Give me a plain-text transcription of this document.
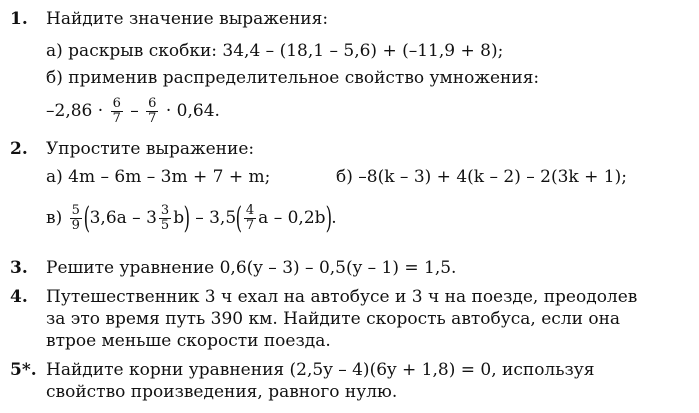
1. Найдите значение выражения:
а) раскрыв скобки: 34,4 – (18,1 – 5,6) + (–11,9 + 8);
б) применив распределительное свойство умножения:
$-2,86 \cdot \frac{6}{7} - \frac{6}{7} \cdot 0,64$.
2. Упростите выражение:
а) 4m – 6m – 3m + 7 + m;	б) –8(k – 3) + 4(k – 2) – 2(3k + 1);
$в) \frac{5}{9} (3,6a - 3 \frac{3}{5} b) - 3,5( \frac{4}{7}$ a – 0,2b).
3. Решите уравнение 0,6(y – 3) – 0,5(y – 1) = 1,5.
4. Путешественник 3 ч ехал на автобусе и 3 ч на поезде, преодолев
за это время путь 390 км. Найдите скорость автобуса, если она
втрое меньше скорости поезда.
5*. Найдите корни уравнения (2,5y – 4)(6y + 1,8) = 0, используя
свойство произведения, равного нулю.
